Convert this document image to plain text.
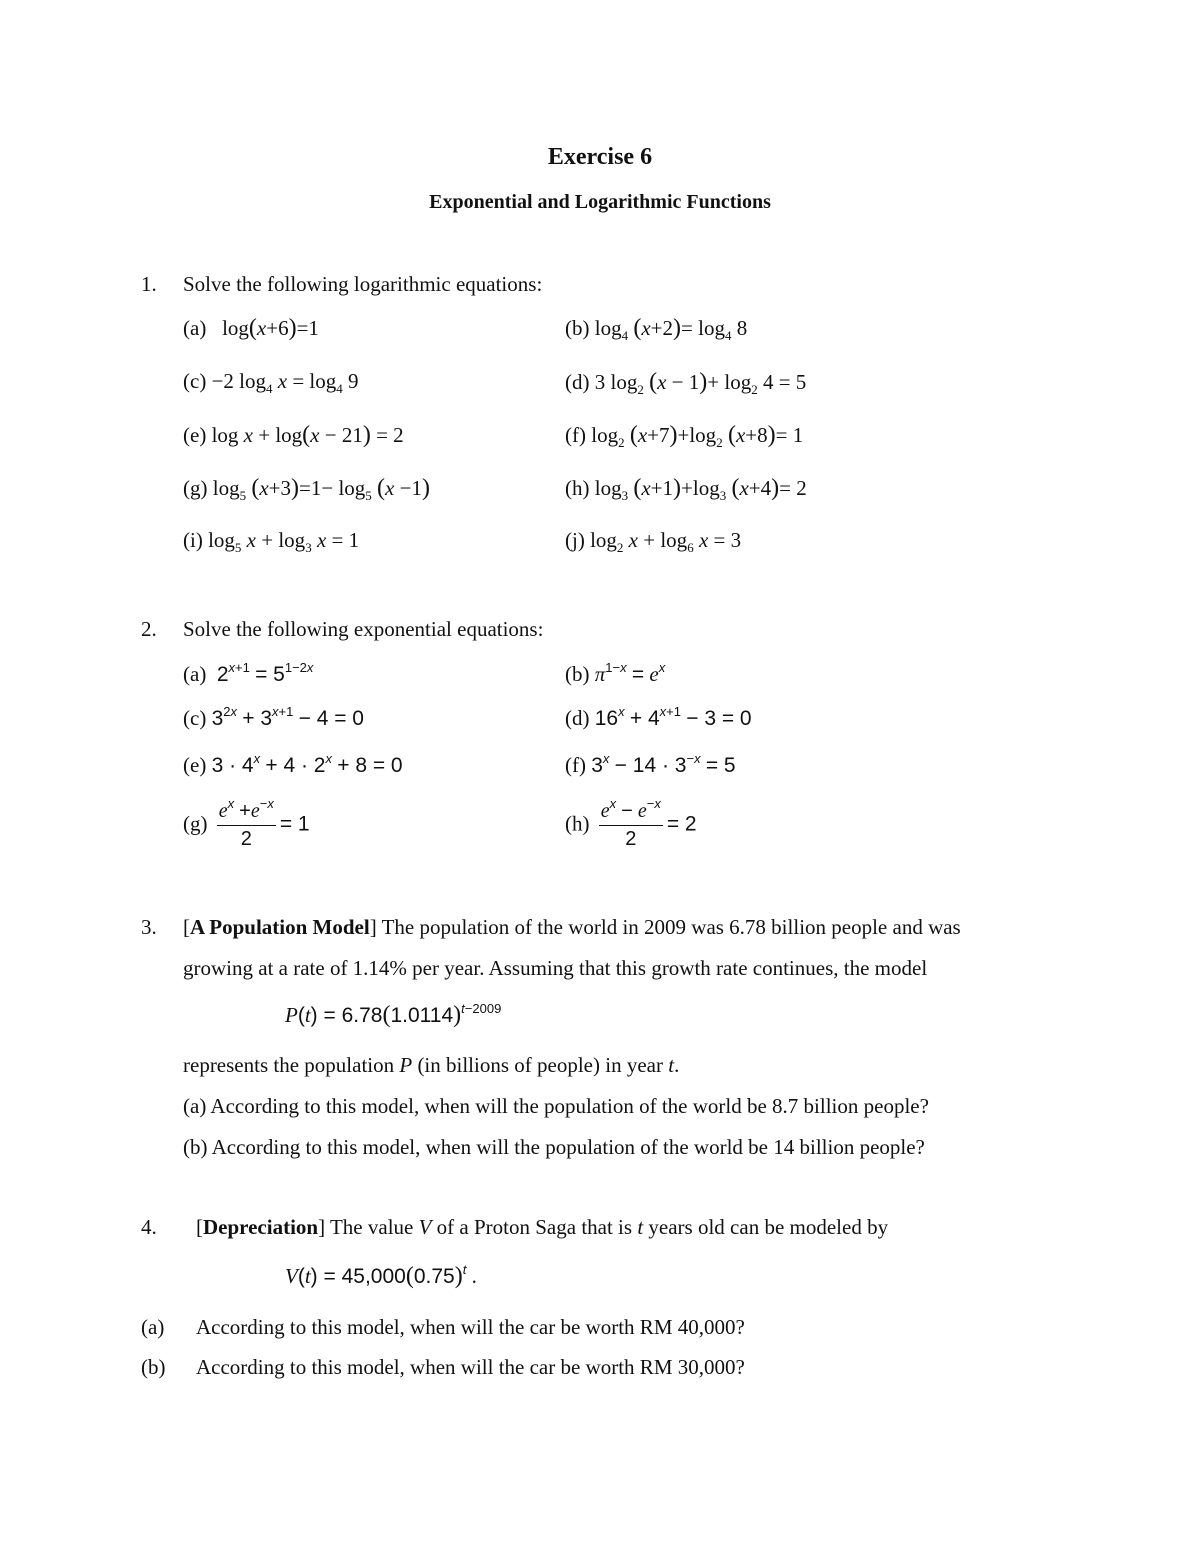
Exercise 6
Exponential and Logarithmic Functions
1. Solve the following logarithmic equations:
(a)   log(x+6)=1	(b) $\log_4 (x+2)= \log_4 8$
(c) −2 $\log_4 x = \log_4 9$	(d) 3 $\log_2 (x - 1)+ \log_2 4 = 5$
(e) log x + log(x − 21) = 2	(f) $\log_2 (x+7)+\log_2$ (x+8)= 1
(g) $\log_5 (x+3)=1- \log_5 (x -1)$	(h) $\log_3 (x+1)+\log_3$ (x+4)= 2
(i) $\log_5 x + \log_3 x = 1$	(j) $\log_2 x + \log_6 x = 3$
2. Solve the following exponential equations:
(a) $2^{x+1} = 5^{1-2x}$	(b) $\pi^{1-x} = e^x$
(c) $3^{2x} + 3^{x+1} - 4 = 0$	(d) $16^x + 4^{x+1} - 3 = 0$
(e) $3 \cdot 4^x + 4 \cdot 2^x + 8 = 0$	(f) $3^x - 14 \cdot 3^{-x} = 5$
$(g) \frac{e^x +e^{-x}}{2} = 1$	$(h) \frac{e^x - e^{-x}}{2} = 2$
3. [A Population Model] The population of the world in 2009 was 6.78 billion people and was
growing at a rate of 1.14% per year. Assuming that this growth rate continues, the model
$P(t) = 6.78(1.0114)^{t-2009}$
represents the population P (in billions of people) in year t.
(a) According to this model, when will the population of the world be 8.7 billion people?
(b) According to this model, when will the population of the world be 14 billion people?
4. [Depreciation] The value V of a Proton Saga that is t years old can be modeled by
$V(t) = 45,000(0.75)^t$ .
(a) According to this model, when will the car be worth RM 40,000?
(b) According to this model, when will the car be worth RM 30,000?
